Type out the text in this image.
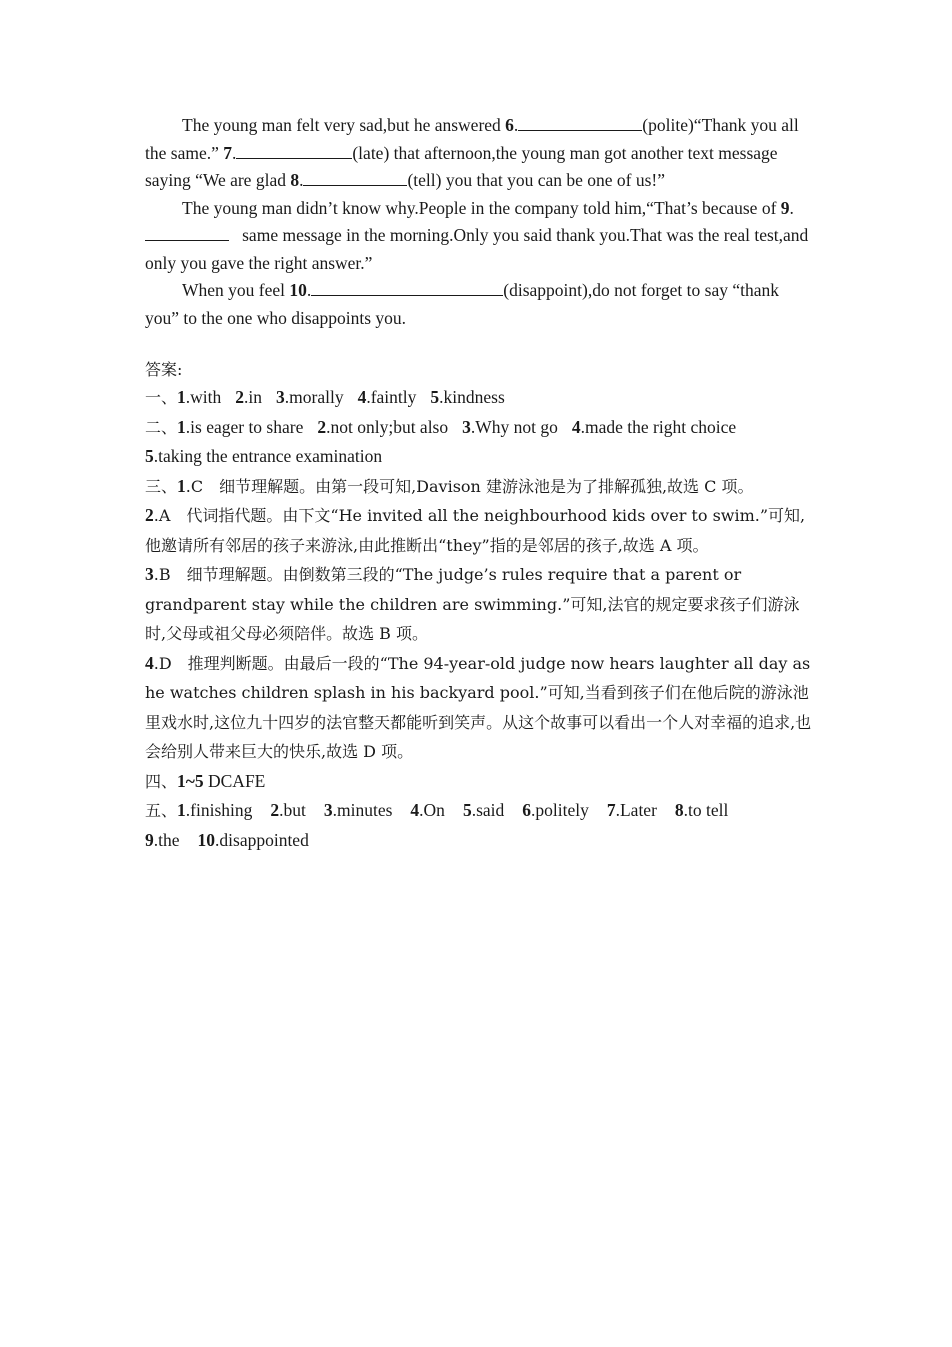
The young man felt very sad,but he answered 6.	(polite)“Thank you all the same.” 7.	(late) that afternoon,the young man got another text message saying “We are glad 8.	(tell) you that you can be one of us!”

The young man didn’t know why.People in the company told him,“That’s because of 9.   same message in the morning.Only you said thank you.That was the real test,and only you gave the right answer.”

When you feel 10.	(disappoint),do not forget to say “thank you” to the one who disappoints you.

答案:

一、1.with 2.in 3.morally 4.faintly 5.kindness

二、1.is eager to share 2.not only;but also 3.Why not go 4.made the right choice
5.taking the entrance examination

三、1.C　细节理解题。由第一段可知,Davison 建游泳池是为了排解孤独,故选 C 项。

2.A　代词指代题。由下文“He invited all the neighbourhood kids over to swim.”可知,他邀请所有邻居的孩子来游泳,由此推断出“they”指的是邻居的孩子,故选 A 项。

3.B　细节理解题。由倒数第三段的“The judge’s rules require that a parent or grandparent stay while the children are swimming.”可知,法官的规定要求孩子们游泳时,父母或祖父母必须陪伴。故选 B 项。

4.D　推理判断题。由最后一段的“The 94-year-old judge now hears laughter all day as he watches children splash in his backyard pool.”可知,当看到孩子们在他后院的游泳池里戏水时,这位九十四岁的法官整天都能听到笑声。从这个故事可以看出一个人对幸福的追求,也会给别人带来巨大的快乐,故选 D 项。

四、1~5 DCAFE

五、1.finishing 2.but 3.minutes 4.On 5.said 6.politely 7.Later 8.to tell
9.the 10.disappointed
